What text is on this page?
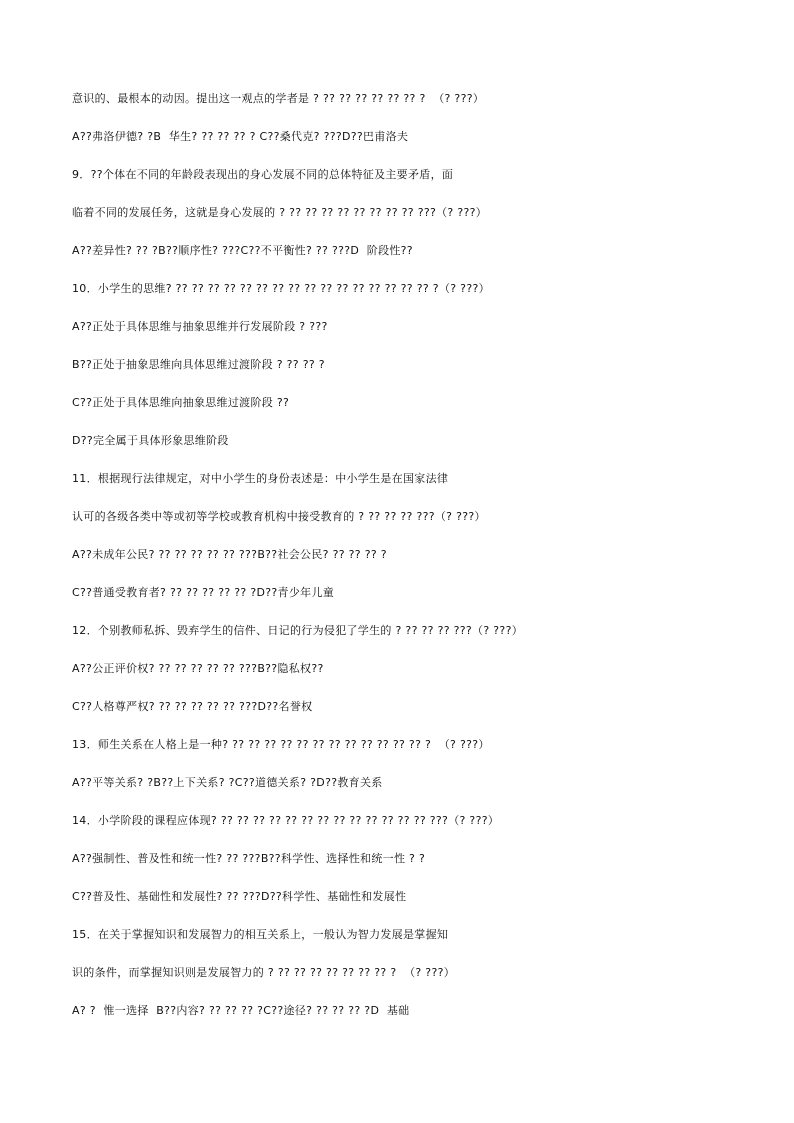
意识的、最根本的动因。提出这一观点的学者是 ? ?? ?? ?? ?? ?? ?? ?  （? ???）
A??弗洛伊德? ?B  华生? ?? ?? ?? ? C??桑代克? ???D??巴甫洛夫
9．??个体在不同的年龄段表现出的身心发展不同的总体特征及主要矛盾，面
临着不同的发展任务，这就是身心发展的 ? ?? ?? ?? ?? ?? ?? ?? ?? ???（? ???）
A??差异性? ?? ?B??顺序性? ???C??不平衡性? ?? ???D  阶段性??
10．小学生的思维? ?? ?? ?? ?? ?? ?? ?? ?? ?? ?? ?? ?? ?? ?? ?? ?? ?（? ???）
A??正处于具体思维与抽象思维并行发展阶段 ? ???
B??正处于抽象思维向具体思维过渡阶段 ? ?? ?? ?
C??正处于具体思维向抽象思维过渡阶段 ??
D??完全属于具体形象思维阶段
11．根据现行法律规定，对中小学生的身份表述是：中小学生是在国家法律
认可的各级各类中等或初等学校或教育机构中接受教育的 ? ?? ?? ?? ???（? ???）
A??未成年公民? ?? ?? ?? ?? ?? ???B??社会公民? ?? ?? ?? ?
C??普通受教育者? ?? ?? ?? ?? ?? ?D??青少年儿童
12．个别教师私拆、毁弃学生的信件、日记的行为侵犯了学生的 ? ?? ?? ?? ???（? ???）
A??公正评价权? ?? ?? ?? ?? ?? ???B??隐私权??
C??人格尊严权? ?? ?? ?? ?? ?? ???D??名誉权
13．师生关系在人格上是一种? ?? ?? ?? ?? ?? ?? ?? ?? ?? ?? ?? ?? ?  （? ???）
A??平等关系? ?B??上下关系? ?C??道德关系? ?D??教育关系
14．小学阶段的课程应体现? ?? ?? ?? ?? ?? ?? ?? ?? ?? ?? ?? ?? ?? ???（? ???）
A??强制性、普及性和统一性? ?? ???B??科学性、选择性和统一性 ? ?
C??普及性、基础性和发展性? ?? ???D??科学性、基础性和发展性
15．在关于掌握知识和发展智力的相互关系上，一般认为智力发展是掌握知
识的条件，而掌握知识则是发展智力的 ? ?? ?? ?? ?? ?? ?? ?? ?  （? ???）
A? ?  惟一选择  B??内容? ?? ?? ?? ?C??途径? ?? ?? ?? ?D  基础
